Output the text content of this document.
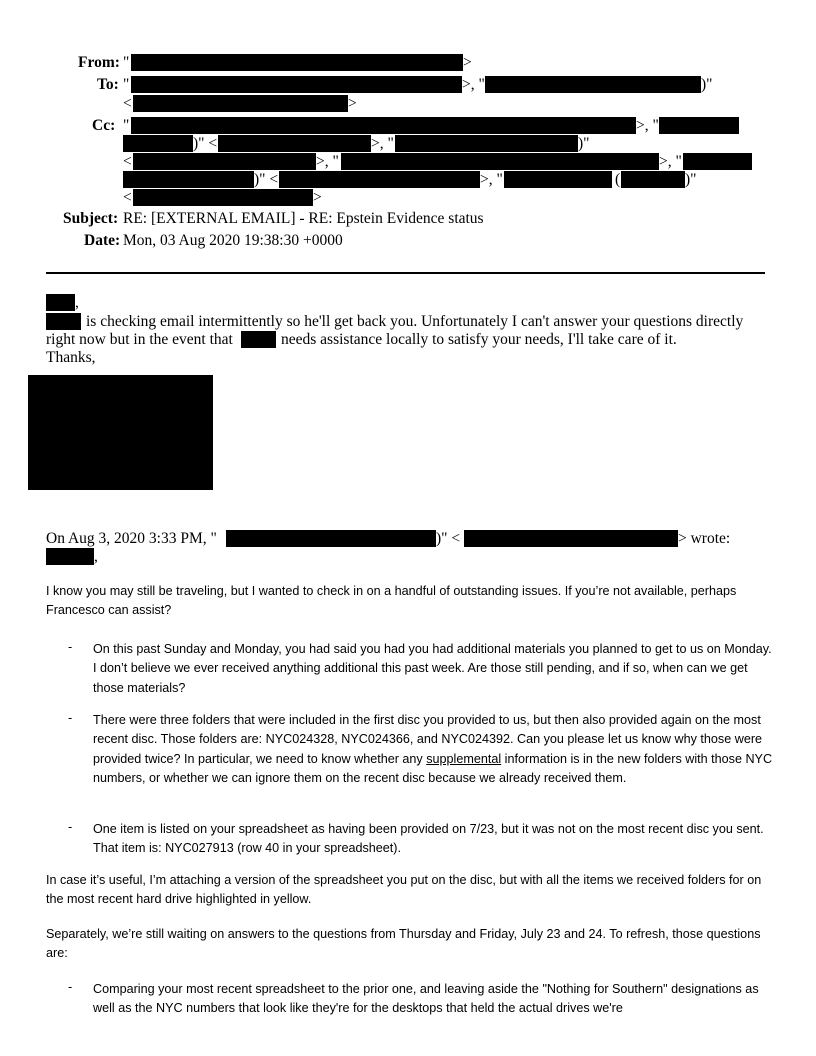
From: "	>
To: "	>, "	)"
<	>
Cc: "	>, "
)" <	>, "	)"
<	>, "	>, "
)" <	>, "	(	)"
<	>
Subject: RE: [EXTERNAL EMAIL] - RE: Epstein Evidence status
Date: Mon, 03 Aug 2020 19:38:30 +0000
,
is checking email intermittently so he'll get back you. Unfortunately I can't answer your questions directly
right now but in the event that	needs assistance locally to satisfy your needs, I'll take care of it.
Thanks,
On Aug 3, 2020 3:33 PM, "	)" <	> wrote:
,
I know you may still be traveling, but I wanted to check in on a handful of outstanding issues. If you’re not available, perhaps Francesco can assist?
- On this past Sunday and Monday, you had said you had you had additional materials you planned to get to us on Monday. I don’t believe we ever received anything additional this past week. Are those still pending, and if so, when can we get those materials?
- There were three folders that were included in the first disc you provided to us, but then also provided again on the most recent disc. Those folders are: NYC024328, NYC024366, and NYC024392. Can you please let us know why those were provided twice? In particular, we need to know whether any supplemental information is in the new folders with those NYC numbers, or whether we can ignore them on the recent disc because we already received them.
- One item is listed on your spreadsheet as having been provided on 7/23, but it was not on the most recent disc you sent. That item is: NYC027913 (row 40 in your spreadsheet).
In case it’s useful, I’m attaching a version of the spreadsheet you put on the disc, but with all the items we received folders for on the most recent hard drive highlighted in yellow.
Separately, we’re still waiting on answers to the questions from Thursday and Friday, July 23 and 24. To refresh, those questions are:
- Comparing your most recent spreadsheet to the prior one, and leaving aside the "Nothing for Southern" designations as well as the NYC numbers that look like they're for the desktops that held the actual drives we're
